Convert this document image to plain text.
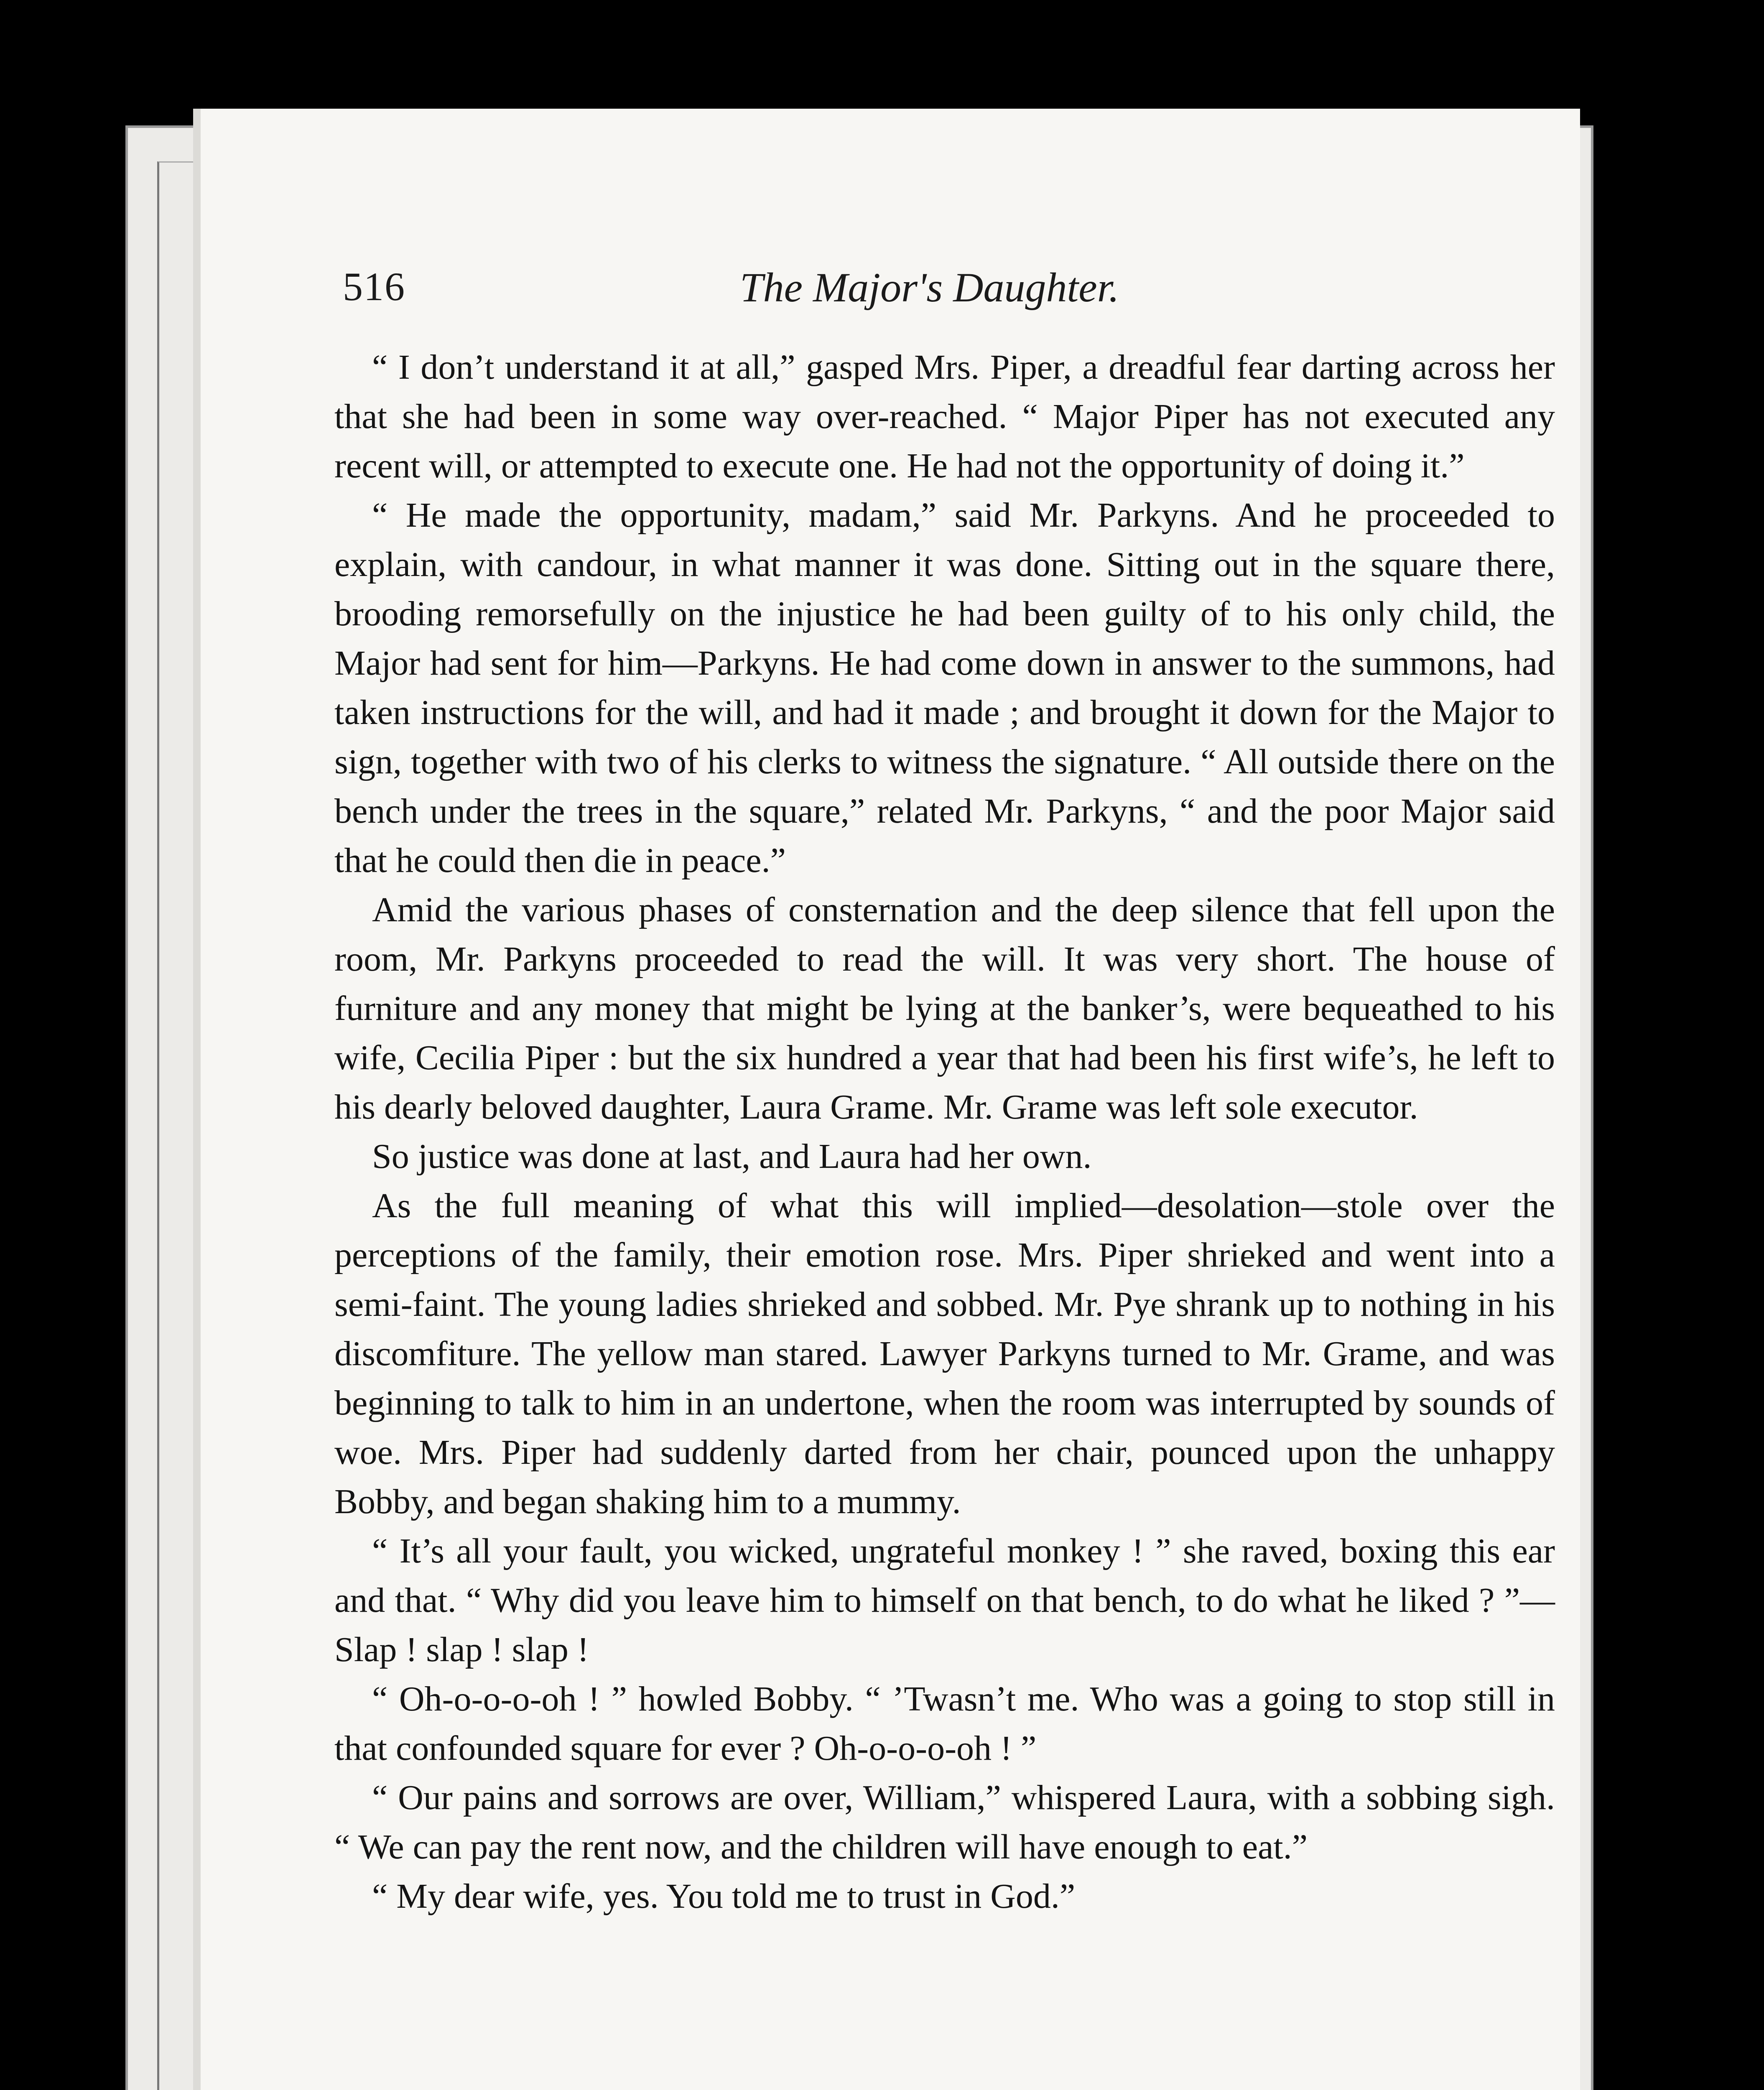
516	The Major's Daughter.

“ I don’t understand it at all,” gasped Mrs. Piper, a dreadful fear darting across her that she had been in some way over-reached. “ Major Piper has not executed any recent will, or attempted to execute one. He had not the opportunity of doing it.”

“ He made the opportunity, madam,” said Mr. Parkyns. And he proceeded to explain, with candour, in what manner it was done. Sitting out in the square there, brooding remorsefully on the injustice he had been guilty of to his only child, the Major had sent for him—Parkyns. He had come down in answer to the summons, had taken instructions for the will, and had it made ; and brought it down for the Major to sign, together with two of his clerks to witness the signature. “ All outside there on the bench under the trees in the square,” related Mr. Parkyns, “ and the poor Major said that he could then die in peace.”

Amid the various phases of consternation and the deep silence that fell upon the room, Mr. Parkyns proceeded to read the will. It was very short. The house of furniture and any money that might be lying at the banker’s, were bequeathed to his wife, Cecilia Piper : but the six hundred a year that had been his first wife’s, he left to his dearly beloved daughter, Laura Grame. Mr. Grame was left sole executor.

So justice was done at last, and Laura had her own.

As the full meaning of what this will implied—desolation—stole over the perceptions of the family, their emotion rose. Mrs. Piper shrieked and went into a semi-faint. The young ladies shrieked and sobbed. Mr. Pye shrank up to nothing in his discomfiture. The yellow man stared. Lawyer Parkyns turned to Mr. Grame, and was beginning to talk to him in an undertone, when the room was interrupted by sounds of woe. Mrs. Piper had suddenly darted from her chair, pounced upon the unhappy Bobby, and began shaking him to a mummy.

“ It’s all your fault, you wicked, ungrateful monkey ! ” she raved, boxing this ear and that. “ Why did you leave him to himself on that bench, to do what he liked ? ”—Slap ! slap ! slap !

“ Oh-o-o-o-oh ! ” howled Bobby. “ ’Twasn’t me. Who was a going to stop still in that confounded square for ever ? Oh-o-o-o-oh ! ”

“ Our pains and sorrows are over, William,” whispered Laura, with a sobbing sigh. “ We can pay the rent now, and the children will have enough to eat.”

“ My dear wife, yes. You told me to trust in God.”
